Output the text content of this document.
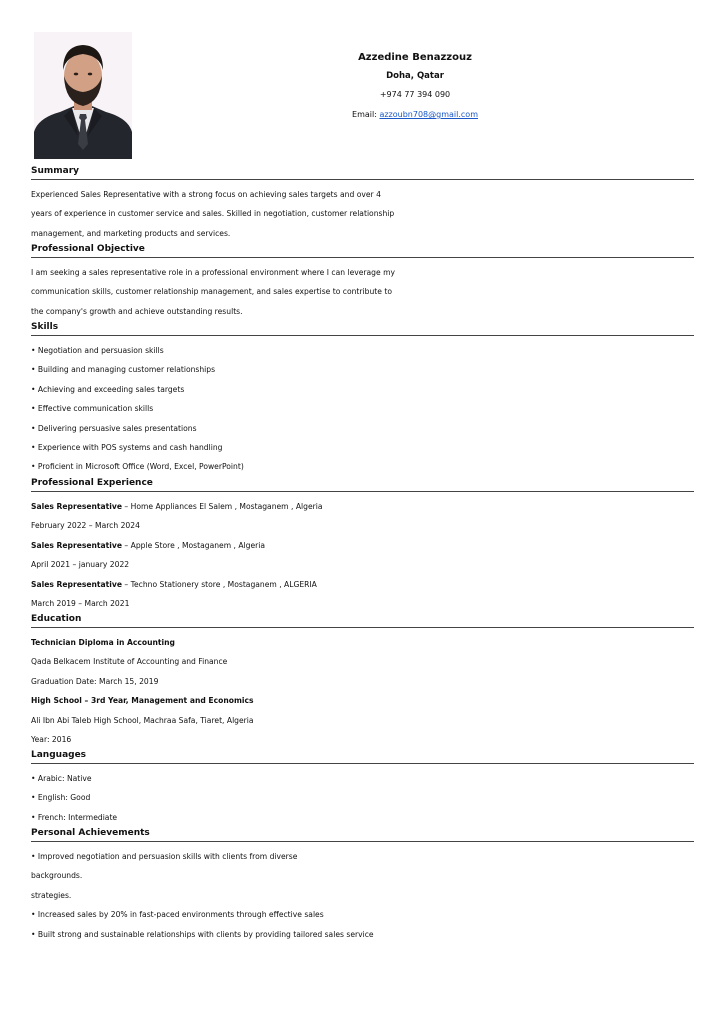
Azzedine Benazzouz
Doha, Qatar
+974 77 394 090
Email: azzoubn708@gmail.com
Summary
Experienced Sales Representative with a strong focus on achieving sales targets and over 4
years of experience in customer service and sales. Skilled in negotiation, customer relationship
management, and marketing products and services.
Professional Objective
I am seeking a sales representative role in a professional environment where I can leverage my
communication skills, customer relationship management, and sales expertise to contribute to
the company's growth and achieve outstanding results.
Skills
• Negotiation and persuasion skills
• Building and managing customer relationships
• Achieving and exceeding sales targets
• Effective communication skills
• Delivering persuasive sales presentations
• Experience with POS systems and cash handling
• Proficient in Microsoft Office (Word, Excel, PowerPoint)
Professional Experience
Sales Representative – Home Appliances El Salem , Mostaganem , Algeria
February 2022 – March 2024
Sales Representative – Apple Store , Mostaganem , Algeria
April 2021 – january 2022
Sales Representative – Techno Stationery store , Mostaganem , ALGERIA
March 2019 – March 2021
Education
Technician Diploma in Accounting
Qada Belkacem Institute of Accounting and Finance
Graduation Date: March 15, 2019
High School – 3rd Year, Management and Economics
Ali Ibn Abi Taleb High School, Machraa Safa, Tiaret, Algeria
Year: 2016
Languages
• Arabic: Native
• English: Good
• French: Intermediate
Personal Achievements
• Improved negotiation and persuasion skills with clients from diverse
backgrounds.
strategies.
• Increased sales by 20% in fast-paced environments through effective sales
• Built strong and sustainable relationships with clients by providing tailored sales service
